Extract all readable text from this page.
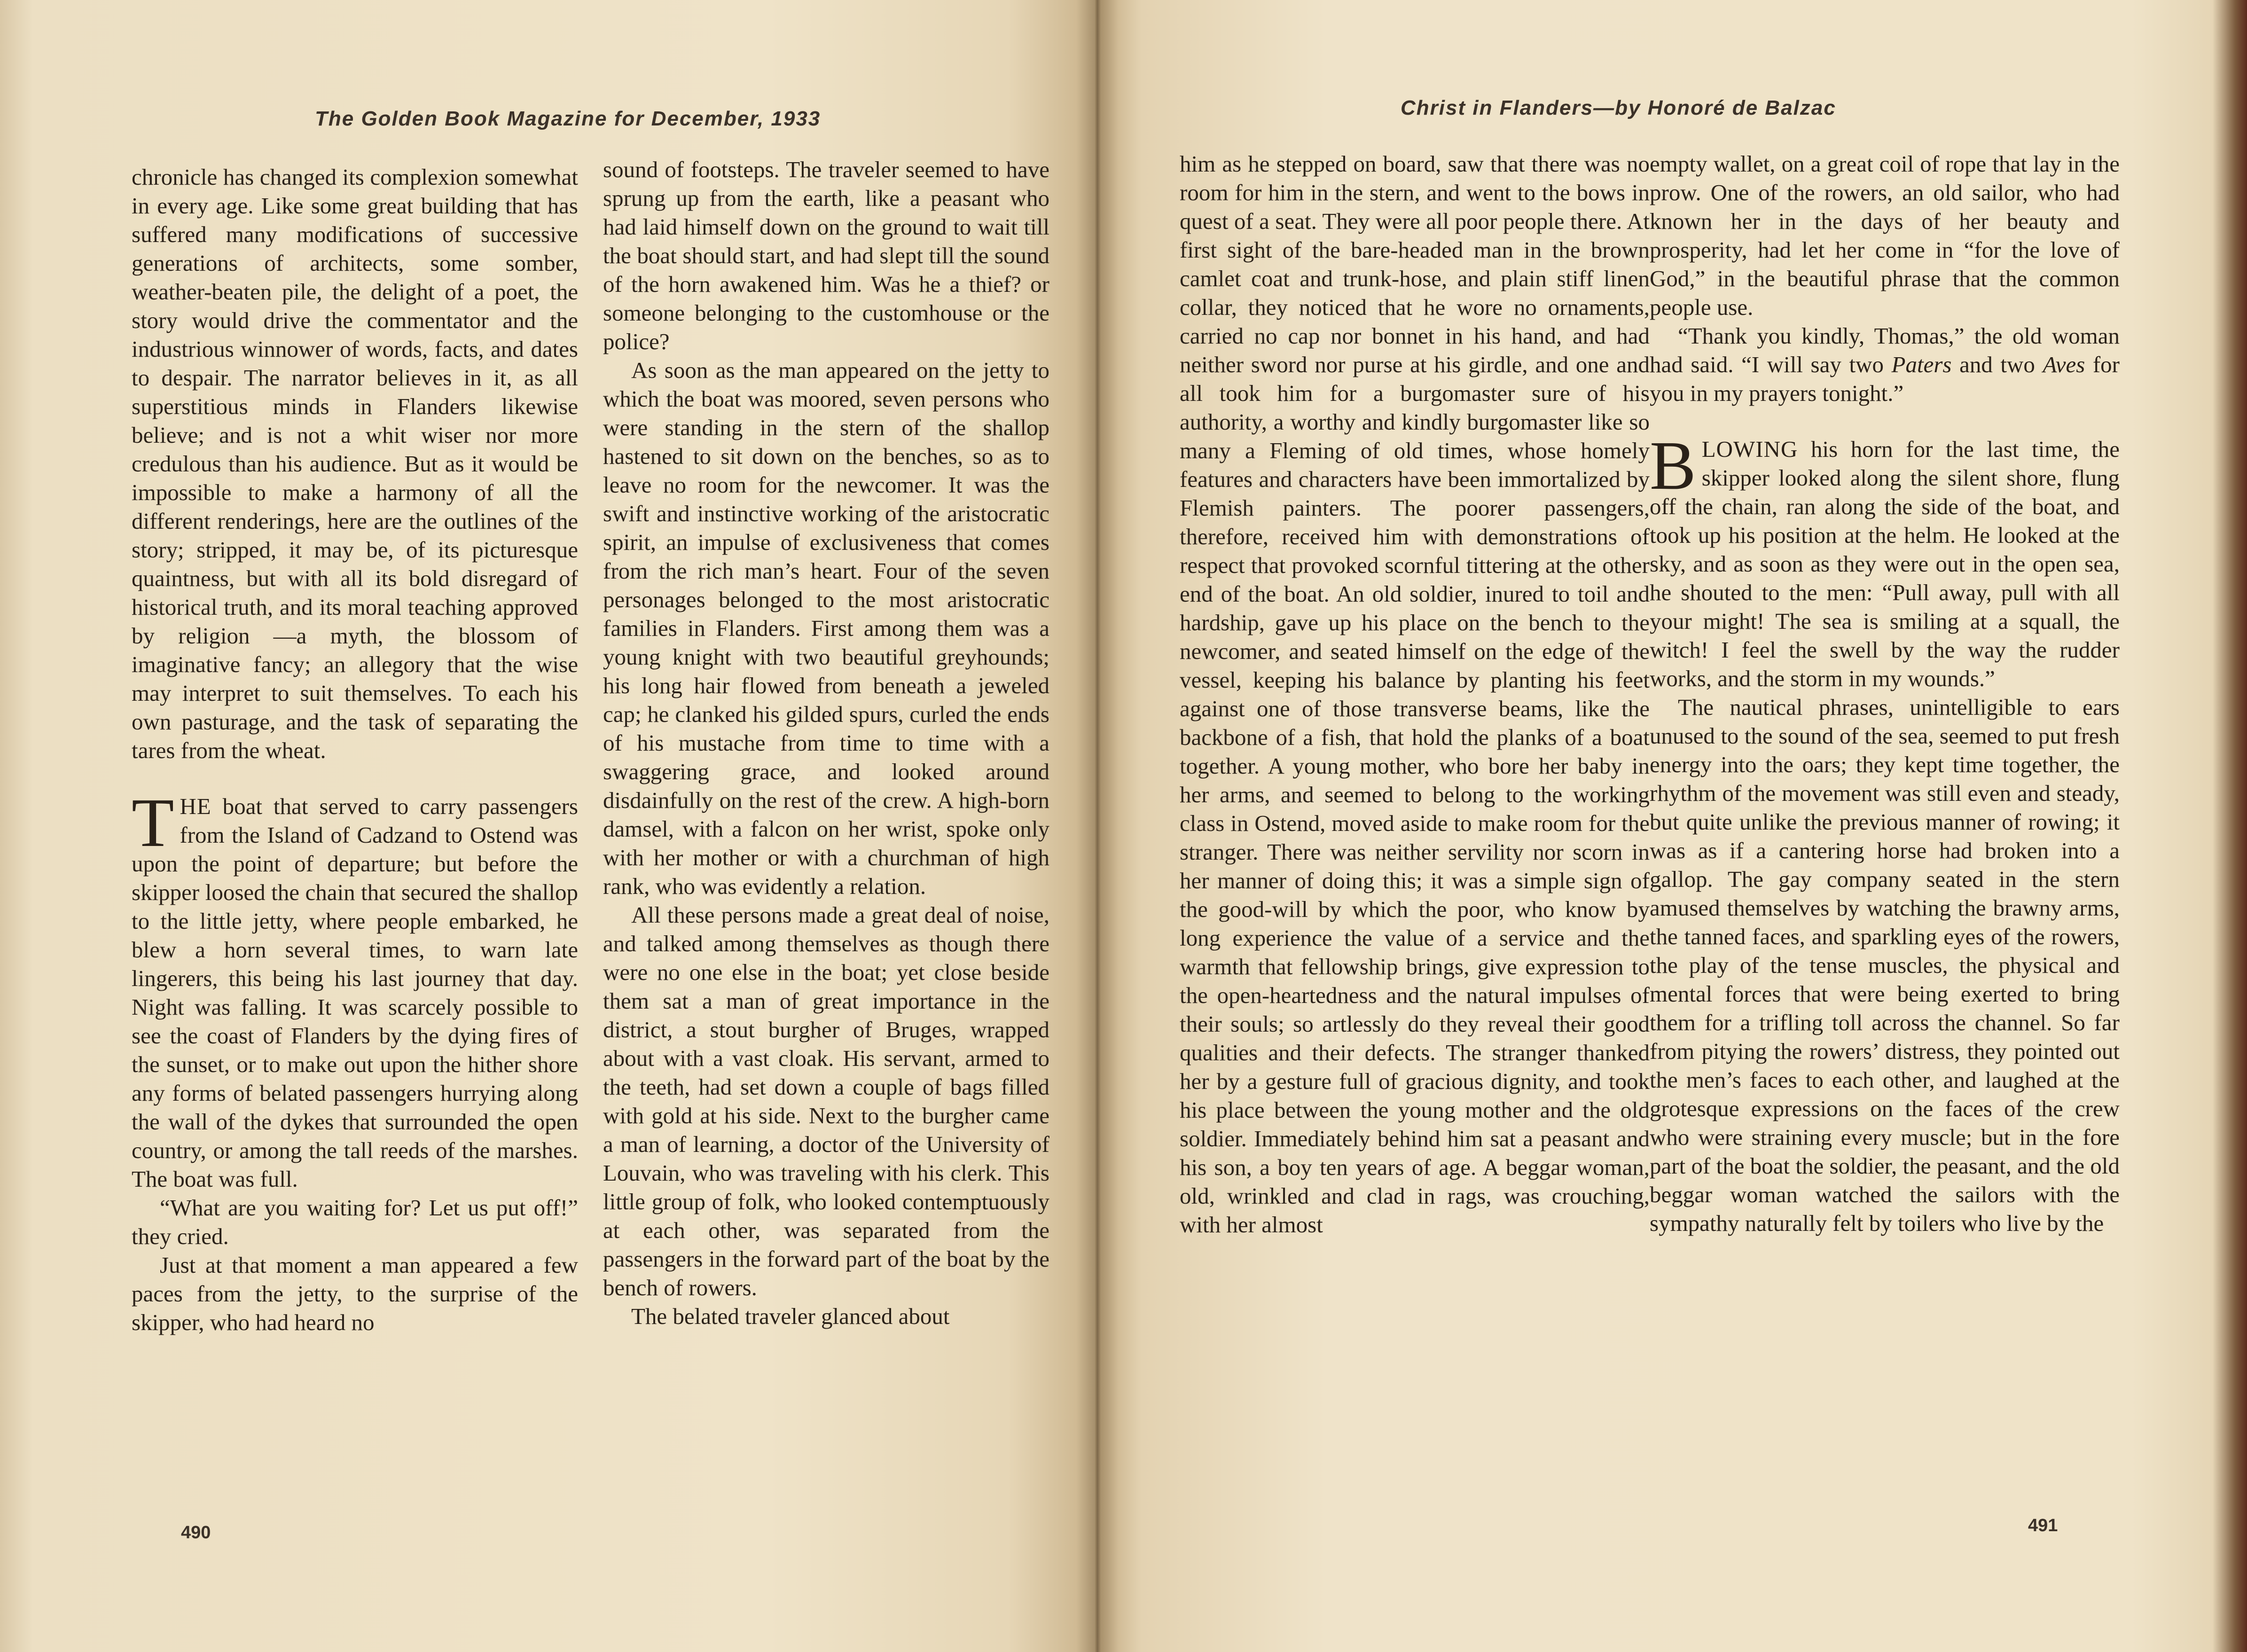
The Golden Book Magazine for December, 1933

chronicle has changed its complexion somewhat in every age. Like some great building that has suffered many modifications of successive generations of architects, some somber, weather-beaten pile, the delight of a poet, the story would drive the commentator and the industrious winnower of words, facts, and dates to despair. The narrator believes in it, as all superstitious minds in Flanders likewise believe; and is not a whit wiser nor more credulous than his audience. But as it would be impossible to make a harmony of all the different renderings, here are the outlines of the story; stripped, it may be, of its picturesque quaintness, but with all its bold disregard of historical truth, and its moral teaching approved by religion —a myth, the blossom of imaginative fancy; an allegory that the wise may interpret to suit themselves. To each his own pasturage, and the task of separating the tares from the wheat.

THE boat that served to carry passengers from the Island of Cadzand to Ostend was upon the point of departure; but before the skipper loosed the chain that secured the shallop to the little jetty, where people embarked, he blew a horn several times, to warn late lingerers, this being his last journey that day. Night was falling. It was scarcely possible to see the coast of Flanders by the dying fires of the sunset, or to make out upon the hither shore any forms of belated passengers hurrying along the wall of the dykes that surrounded the open country, or among the tall reeds of the marshes. The boat was full.

“What are you waiting for? Let us put off!” they cried.

Just at that moment a man appeared a few paces from the jetty, to the surprise of the skipper, who had heard no

sound of footsteps. The traveler seemed to have sprung up from the earth, like a peasant who had laid himself down on the ground to wait till the boat should start, and had slept till the sound of the horn awakened him. Was he a thief? or someone belonging to the customhouse or the police?

As soon as the man appeared on the jetty to which the boat was moored, seven persons who were standing in the stern of the shallop hastened to sit down on the benches, so as to leave no room for the newcomer. It was the swift and instinctive working of the aristocratic spirit, an impulse of exclusiveness that comes from the rich man’s heart. Four of the seven personages belonged to the most aristocratic families in Flanders. First among them was a young knight with two beautiful greyhounds; his long hair flowed from beneath a jeweled cap; he clanked his gilded spurs, curled the ends of his mustache from time to time with a swaggering grace, and looked around disdainfully on the rest of the crew. A high-born damsel, with a falcon on her wrist, spoke only with her mother or with a churchman of high rank, who was evidently a relation.

All these persons made a great deal of noise, and talked among themselves as though there were no one else in the boat; yet close beside them sat a man of great importance in the district, a stout burgher of Bruges, wrapped about with a vast cloak. His servant, armed to the teeth, had set down a couple of bags filled with gold at his side. Next to the burgher came a man of learning, a doctor of the University of Louvain, who was traveling with his clerk. This little group of folk, who looked contemptuously at each other, was separated from the passengers in the forward part of the boat by the bench of rowers.

The belated traveler glanced about

490
Christ in Flanders—by Honoré de Balzac

him as he stepped on board, saw that there was no room for him in the stern, and went to the bows in quest of a seat. They were all poor people there. At first sight of the bare-headed man in the brown camlet coat and trunk-hose, and plain stiff linen collar, they noticed that he wore no ornaments, carried no cap nor bonnet in his hand, and had neither sword nor purse at his girdle, and one and all took him for a burgomaster sure of his authority, a worthy and kindly burgomaster like so many a Fleming of old times, whose homely features and characters have been immortalized by Flemish painters. The poorer passengers, therefore, received him with demonstrations of respect that provoked scornful tittering at the other end of the boat. An old soldier, inured to toil and hardship, gave up his place on the bench to the newcomer, and seated himself on the edge of the vessel, keeping his balance by planting his feet against one of those transverse beams, like the backbone of a fish, that hold the planks of a boat together. A young mother, who bore her baby in her arms, and seemed to belong to the working class in Ostend, moved aside to make room for the stranger. There was neither servility nor scorn in her manner of doing this; it was a simple sign of the good-will by which the poor, who know by long experience the value of a service and the warmth that fellowship brings, give expression to the open-heartedness and the natural impulses of their souls; so artlessly do they reveal their good qualities and their defects. The stranger thanked her by a gesture full of gracious dignity, and took his place between the young mother and the old soldier. Immediately behind him sat a peasant and his son, a boy ten years of age. A beggar woman, old, wrinkled and clad in rags, was crouching, with her almost

empty wallet, on a great coil of rope that lay in the prow. One of the rowers, an old sailor, who had known her in the days of her beauty and prosperity, had let her come in “for the love of God,” in the beautiful phrase that the common people use.

“Thank you kindly, Thomas,” the old woman had said. “I will say two Paters and two Aves for you in my prayers tonight.”

BLOWING his horn for the last time, the skipper looked along the silent shore, flung off the chain, ran along the side of the boat, and took up his position at the helm. He looked at the sky, and as soon as they were out in the open sea, he shouted to the men: “Pull away, pull with all your might! The sea is smiling at a squall, the witch! I feel the swell by the way the rudder works, and the storm in my wounds.”

The nautical phrases, unintelligible to ears unused to the sound of the sea, seemed to put fresh energy into the oars; they kept time together, the rhythm of the movement was still even and steady, but quite unlike the previous manner of rowing; it was as if a cantering horse had broken into a gallop. The gay company seated in the stern amused themselves by watching the brawny arms, the tanned faces, and sparkling eyes of the rowers, the play of the tense muscles, the physical and mental forces that were being exerted to bring them for a trifling toll across the channel. So far from pitying the rowers’ distress, they pointed out the men’s faces to each other, and laughed at the grotesque expressions on the faces of the crew who were straining every muscle; but in the fore part of the boat the soldier, the peasant, and the old beggar woman watched the sailors with the sympathy naturally felt by toilers who live by the

491
